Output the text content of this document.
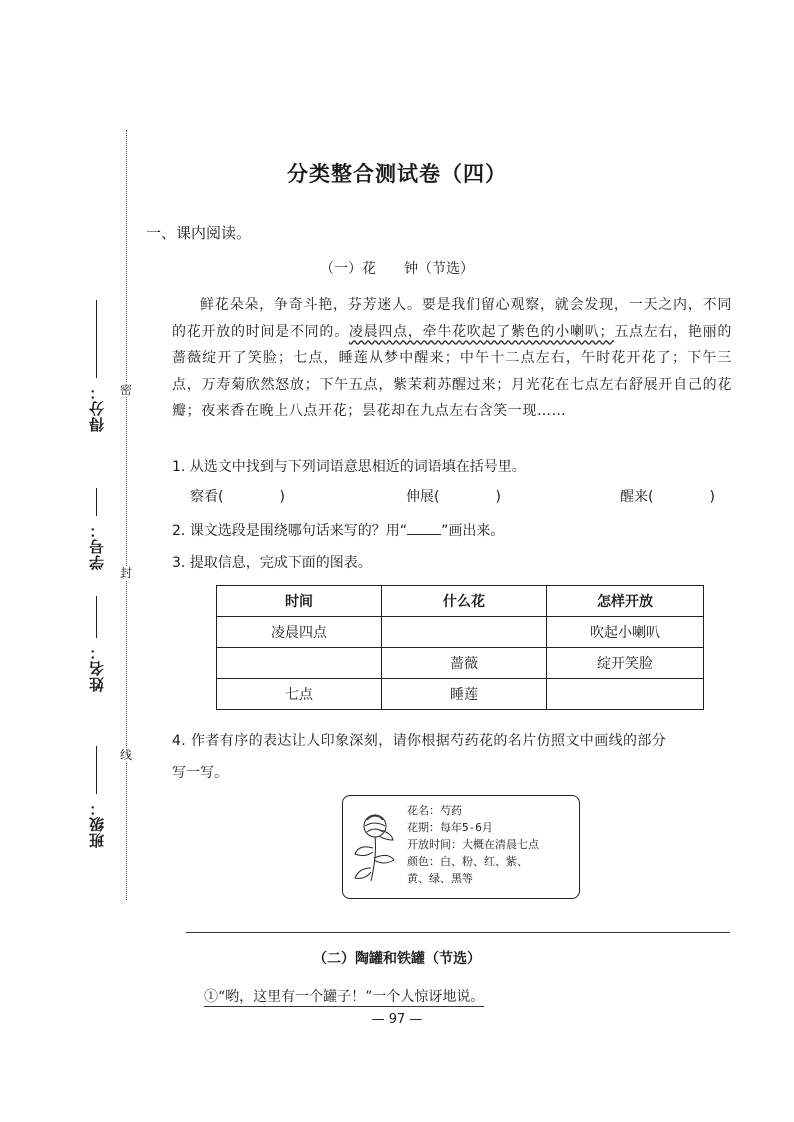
密
封
线
得分：
学号：
姓名：
班级：
分类整合测试卷（四）
一、课内阅读。
（一）花　　钟（节选）
鲜花朵朵，争奇斗艳，芬芳迷人。要是我们留心观察，就会发现，一天之内，不同的花开放的时间是不同的。凌晨四点，牵牛花吹起了紫色的小喇叭；五点左右，艳丽的蔷薇绽开了笑脸；七点，睡莲从梦中醒来；中午十二点左右，午时花开花了；下午三点，万寿菊欣然怒放；下午五点，紫茉莉苏醒过来；月光花在七点左右舒展开自己的花瓣；夜来香在晚上八点开花；昙花却在九点左右含笑一现……
1. 从选文中找到与下列词语意思相近的词语填在括号里。
察看(　　　　)	伸展(　　　　)	醒来(　　　　)
2. 课文选段是围绕哪句话来写的？用“ ”画出来。
3. 提取信息，完成下面的图表。
时间	什么花	怎样开放
凌晨四点		吹起小喇叭
	蔷薇	绽开笑脸
七点	睡莲	
4. 作者有序的表达让人印象深刻，请你根据芍药花的名片仿照文中画线的部分
写一写。
花名：芍药
花期：每年5-6月
开放时间：大概在清晨七点
颜色：白、粉、红、紫、
黄、绿、黑等
（二）陶罐和铁罐（节选）
①“哟，这里有一个罐子！”一个人惊讶地说。
— 97 —
